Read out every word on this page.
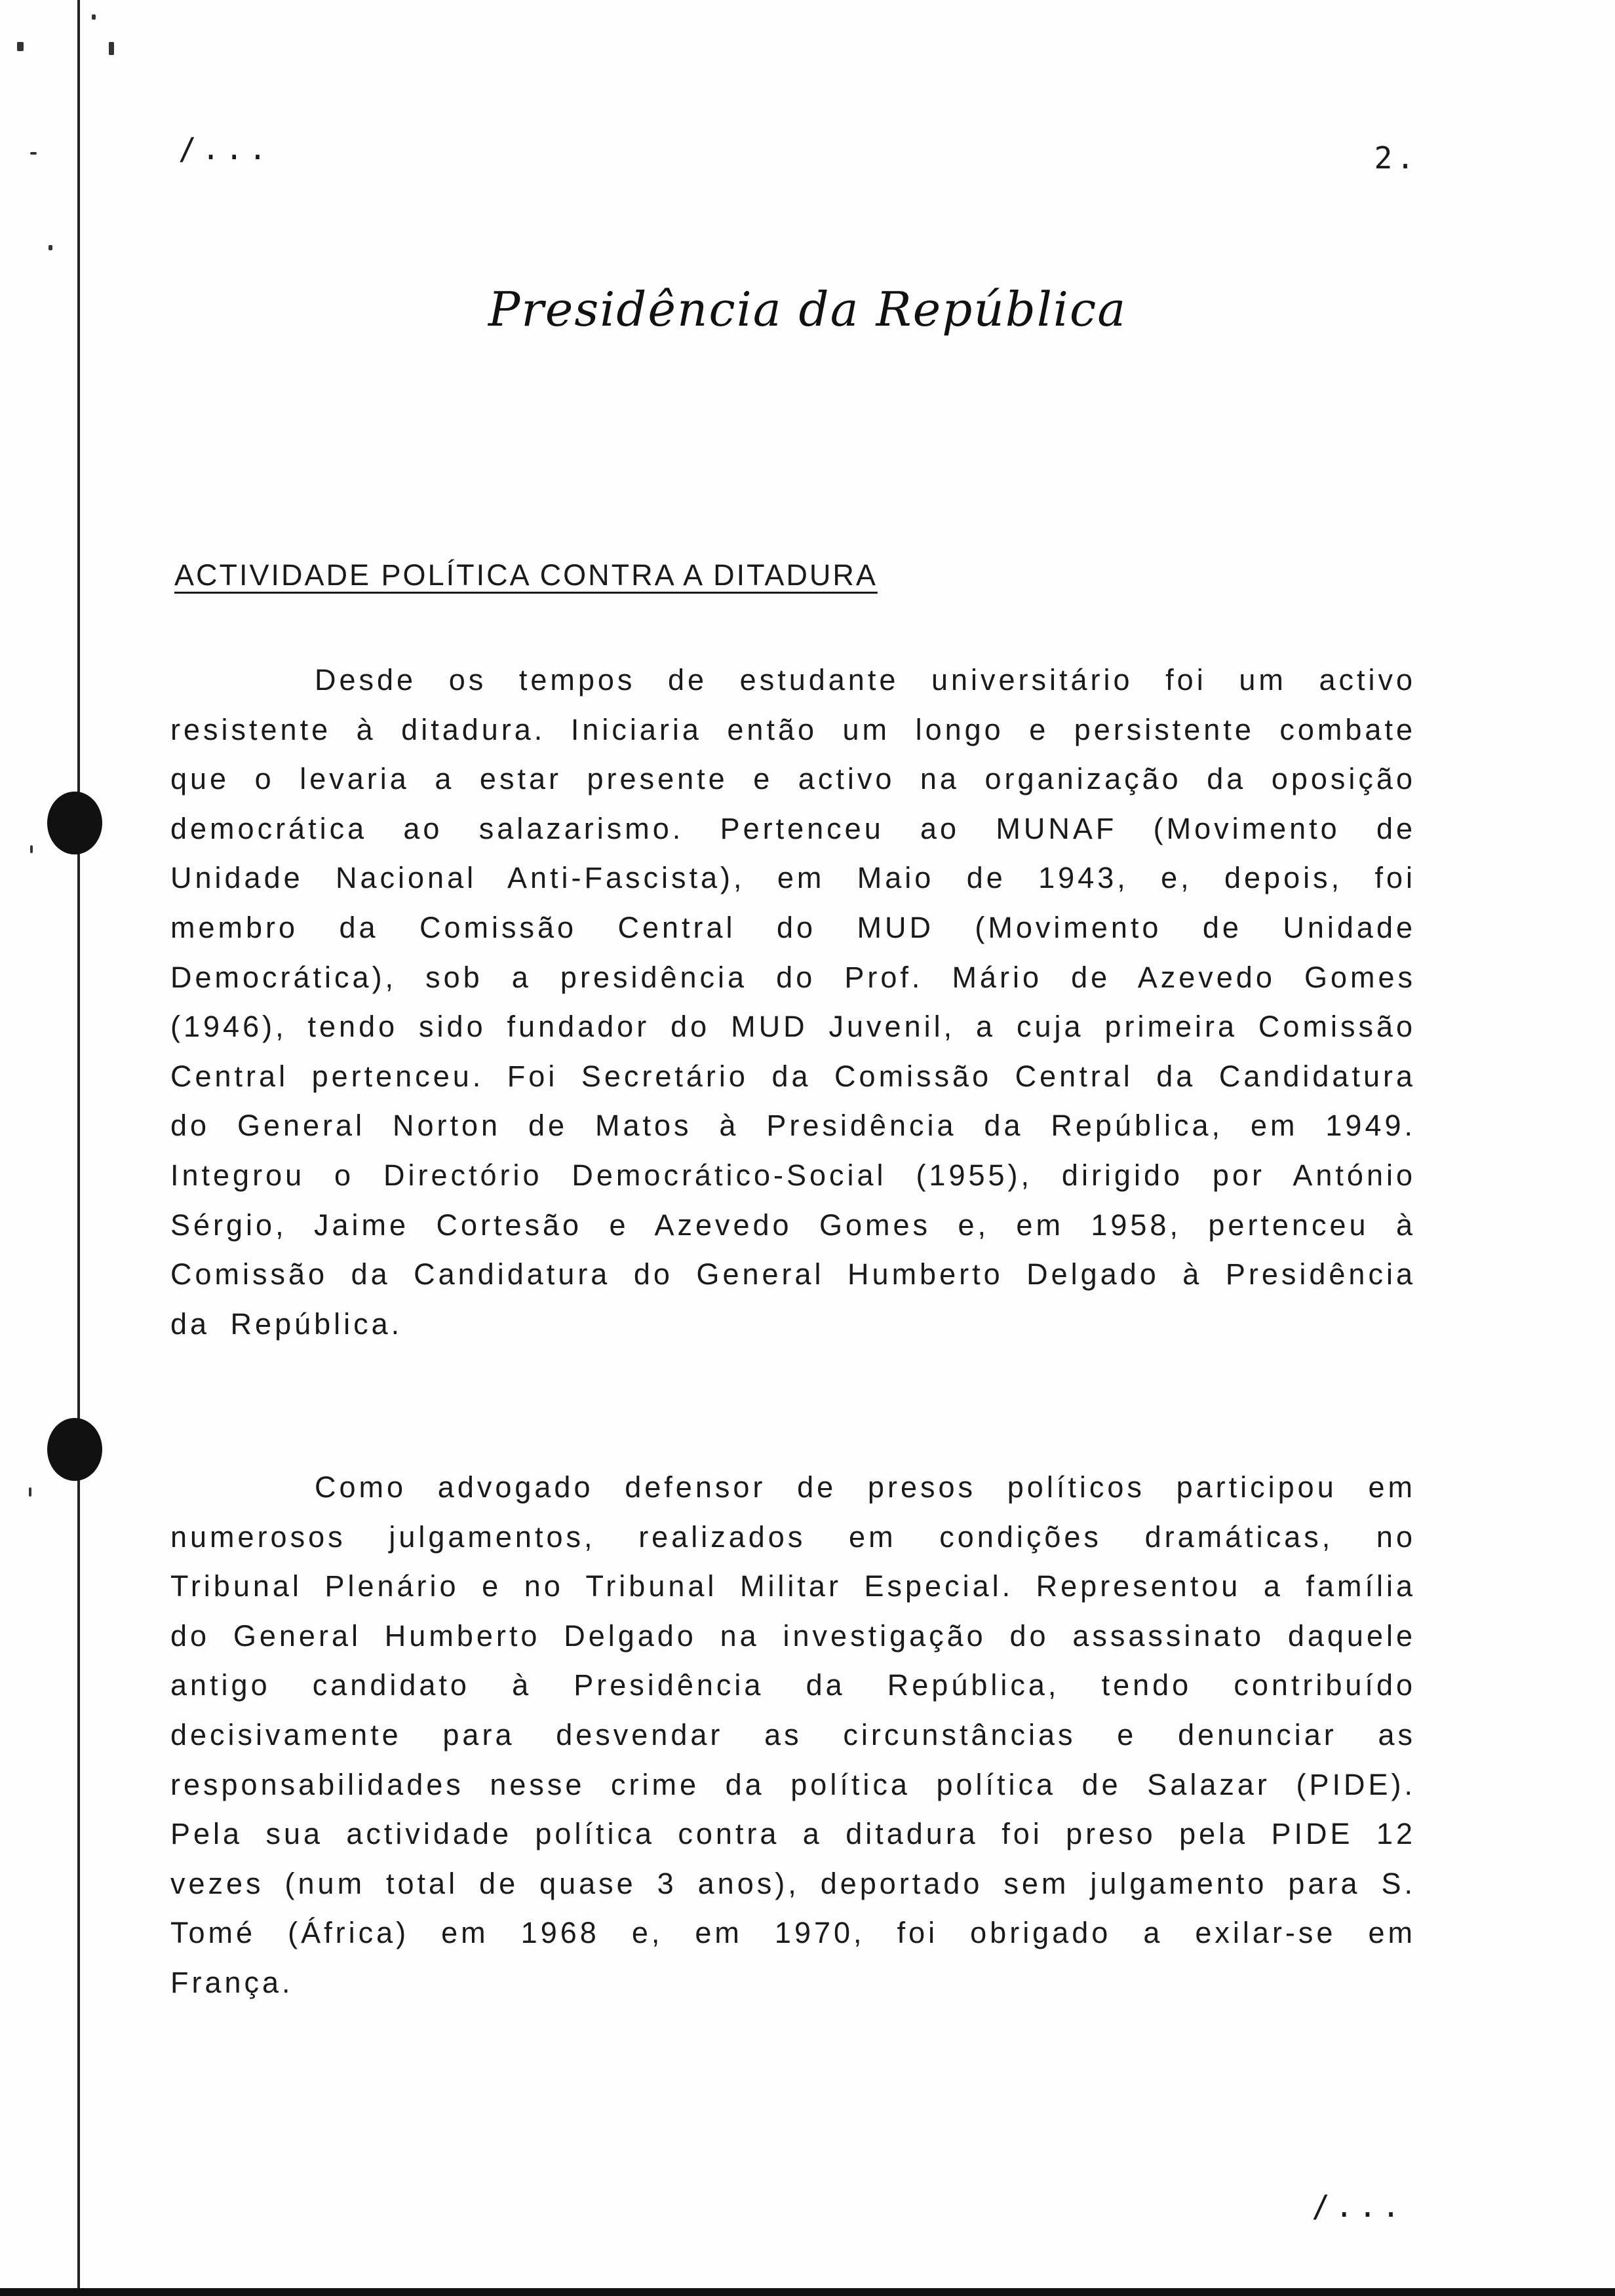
/...	2.
Presidência da República
ACTIVIDADE POLÍTICA CONTRA A DITADURA
Desde os tempos de estudante universitário foi um activo resistente à ditadura. Iniciaria então um longo e persistente combate que o levaria a estar presente e activo na organização da oposição democrática ao salazarismo. Pertenceu ao MUNAF (Movimento de Unidade Nacional Anti-Fascista), em Maio de 1943, e, depois, foi membro da Comissão Central do MUD (Movimento de Unidade Democrática), sob a presidência do Prof. Mário de Azevedo Gomes (1946), tendo sido fundador do MUD Juvenil, a cuja primeira Comissão Central pertenceu. Foi Secretário da Comissão Central da Candidatura do General Norton de Matos à Presidência da República, em 1949. Integrou o Directório Democrático-Social (1955), dirigido por António Sérgio, Jaime Cortesão e Azevedo Gomes e, em 1958, pertenceu à Comissão da Candidatura do General Humberto Delgado à Presidência da República.
Como advogado defensor de presos políticos participou em numerosos julgamentos, realizados em condições dramáticas, no Tribunal Plenário e no Tribunal Militar Especial. Representou a família do General Humberto Delgado na investigação do assassinato daquele antigo candidato à Presidência da República, tendo contribuído decisivamente para desvendar as circunstâncias e denunciar as responsabilidades nesse crime da política política de Salazar (PIDE). Pela sua actividade política contra a ditadura foi preso pela PIDE 12 vezes (num total de quase 3 anos), deportado sem julgamento para S. Tomé (África) em 1968 e, em 1970, foi obrigado a exilar-se em França.
/...
